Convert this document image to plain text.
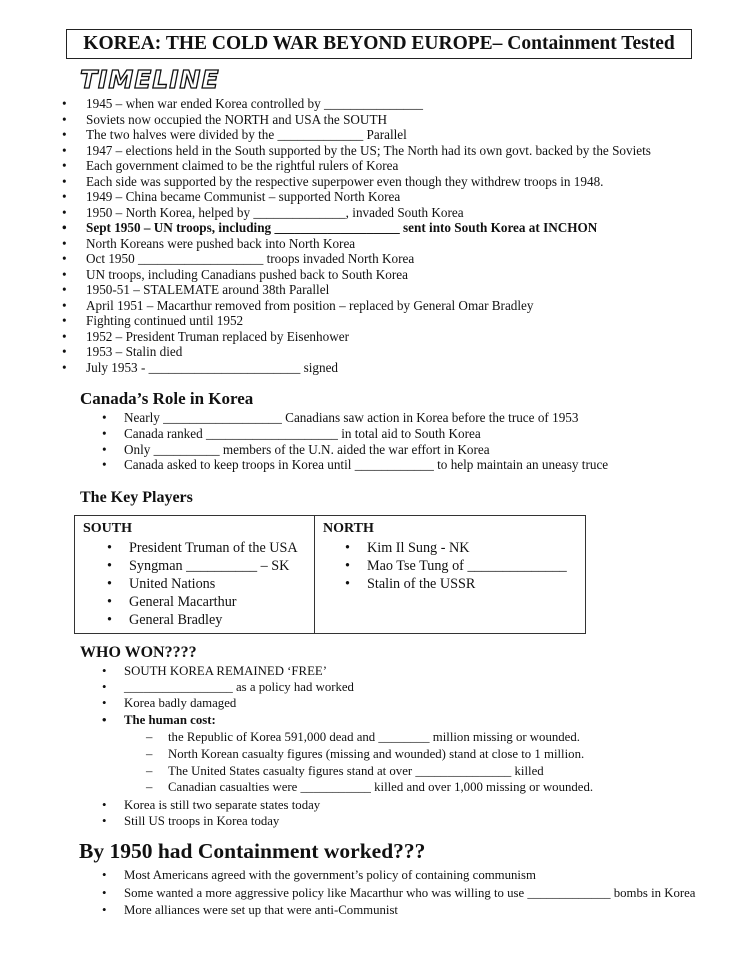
KOREA: THE COLD WAR BEYOND EUROPE– Containment Tested
TIMELINE
• 1945 – when war ended Korea controlled by _______________
• Soviets now occupied the NORTH and USA the SOUTH
• The two halves were divided by the _____________ Parallel
• 1947 – elections held in the South supported by the US; The North had its own govt. backed by the Soviets
• Each government claimed to be the rightful rulers of Korea
• Each side was supported by the respective superpower even though they withdrew troops in 1948.
• 1949 – China became Communist – supported North Korea
• 1950 – North Korea, helped by ______________, invaded South Korea
• Sept 1950 – UN troops, including ___________________ sent into South Korea at INCHON
• North Koreans were pushed back into North Korea
• Oct 1950 ___________________ troops invaded North Korea
• UN troops, including Canadians pushed back to South Korea
• 1950-51 – STALEMATE around 38th Parallel
• April 1951 – Macarthur removed from position – replaced by General Omar Bradley
• Fighting continued until 1952
• 1952 – President Truman replaced by Eisenhower
• 1953 – Stalin died
• July 1953 - _______________________ signed
Canada’s Role in Korea
• Nearly __________________ Canadians saw action in Korea before the truce of 1953
• Canada ranked ____________________ in total aid to South Korea
• Only __________ members of the U.N. aided the war effort in Korea
• Canada asked to keep troops in Korea until ____________ to help maintain an uneasy truce
The Key Players
SOUTH
• President Truman of the USA
• Syngman __________ – SK
• United Nations
• General Macarthur
• General Bradley
NORTH
• Kim Il Sung - NK
• Mao Tse Tung of ______________
• Stalin of the USSR
WHO WON????
• SOUTH KOREA REMAINED ‘FREE’
• _________________ as a policy had worked
• Korea badly damaged
• The human cost:
– the Republic of Korea 591,000 dead and ________ million missing or wounded.
– North Korean casualty figures (missing and wounded) stand at close to 1 million.
– The United States casualty figures stand at over _______________ killed
– Canadian casualties were ___________ killed and over 1,000 missing or wounded.
• Korea is still two separate states today
• Still US troops in Korea today
By 1950 had Containment worked???
• Most Americans agreed with the government’s policy of containing communism
• Some wanted a more aggressive policy like Macarthur who was willing to use _____________ bombs in Korea
• More alliances were set up that were anti-Communist
